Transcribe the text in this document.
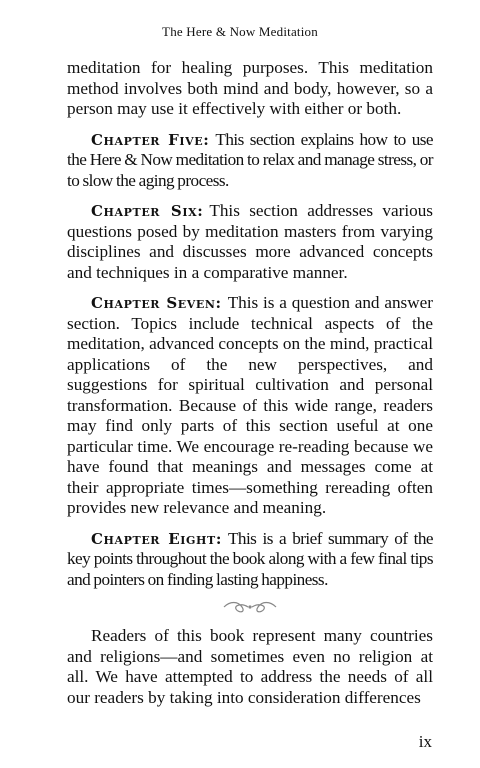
The Here & Now Meditation

meditation for healing purposes. This meditation method involves both mind and body, however, so a person may use it effectively with either or both.

Chapter Five: This section explains how to use the Here & Now meditation to relax and manage stress, or to slow the aging process.

Chapter Six: This section addresses various questions posed by meditation masters from varying disciplines and discusses more advanced concepts and techniques in a comparative manner.

Chapter Seven: This is a question and answer section. Topics include technical aspects of the meditation, advanced concepts on the mind, practical applications of the new perspectives, and suggestions for spiritual cultivation and personal transformation. Because of this wide range, readers may find only parts of this section useful at one particular time. We encourage re-reading because we have found that meanings and messages come at their appropriate times—something rereading often provides new relevance and meaning.

Chapter Eight: This is a brief summary of the key points throughout the book along with a few final tips and pointers on finding lasting happiness.

Readers of this book represent many countries and religions—and sometimes even no religion at all. We have attempted to address the needs of all our readers by taking into consideration differences

ix
